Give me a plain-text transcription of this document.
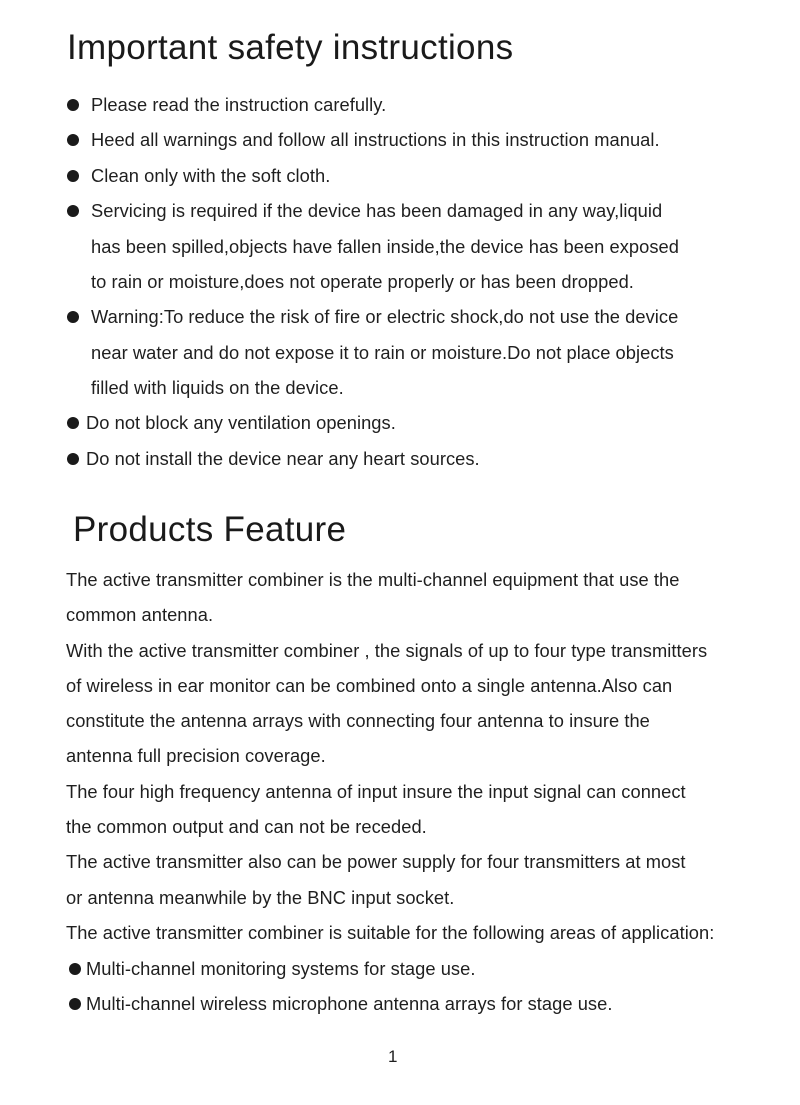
Important safety instructions
Please read the instruction carefully.
Heed all warnings and follow all instructions in this instruction manual.
Clean only with the soft cloth.
Servicing is required if the device has been damaged in any way,liquid
has been spilled,objects have fallen inside,the device has been exposed
to rain or moisture,does not operate properly or has been dropped.
Warning:To reduce the risk of fire or electric shock,do not use the device
near water and do not expose it to rain or moisture.Do not place objects
filled with liquids on the device.
Do not block any ventilation openings.
Do not install the device near any heart sources.
Products Feature
The active transmitter combiner is the multi-channel equipment that use the
common antenna.
With the active transmitter combiner , the signals of up to four type transmitters
of wireless in ear monitor can be combined onto a single antenna.Also can
constitute the antenna arrays with connecting four antenna to insure the
antenna full precision coverage.
The four high frequency antenna of input insure the input signal can connect
the common output and can not be receded.
The active transmitter also can be power supply for four transmitters at most
or antenna meanwhile by the BNC input socket.
The active transmitter combiner is suitable for the following areas of application:
Multi-channel monitoring systems for stage use.
Multi-channel wireless microphone antenna arrays for stage use.
1
